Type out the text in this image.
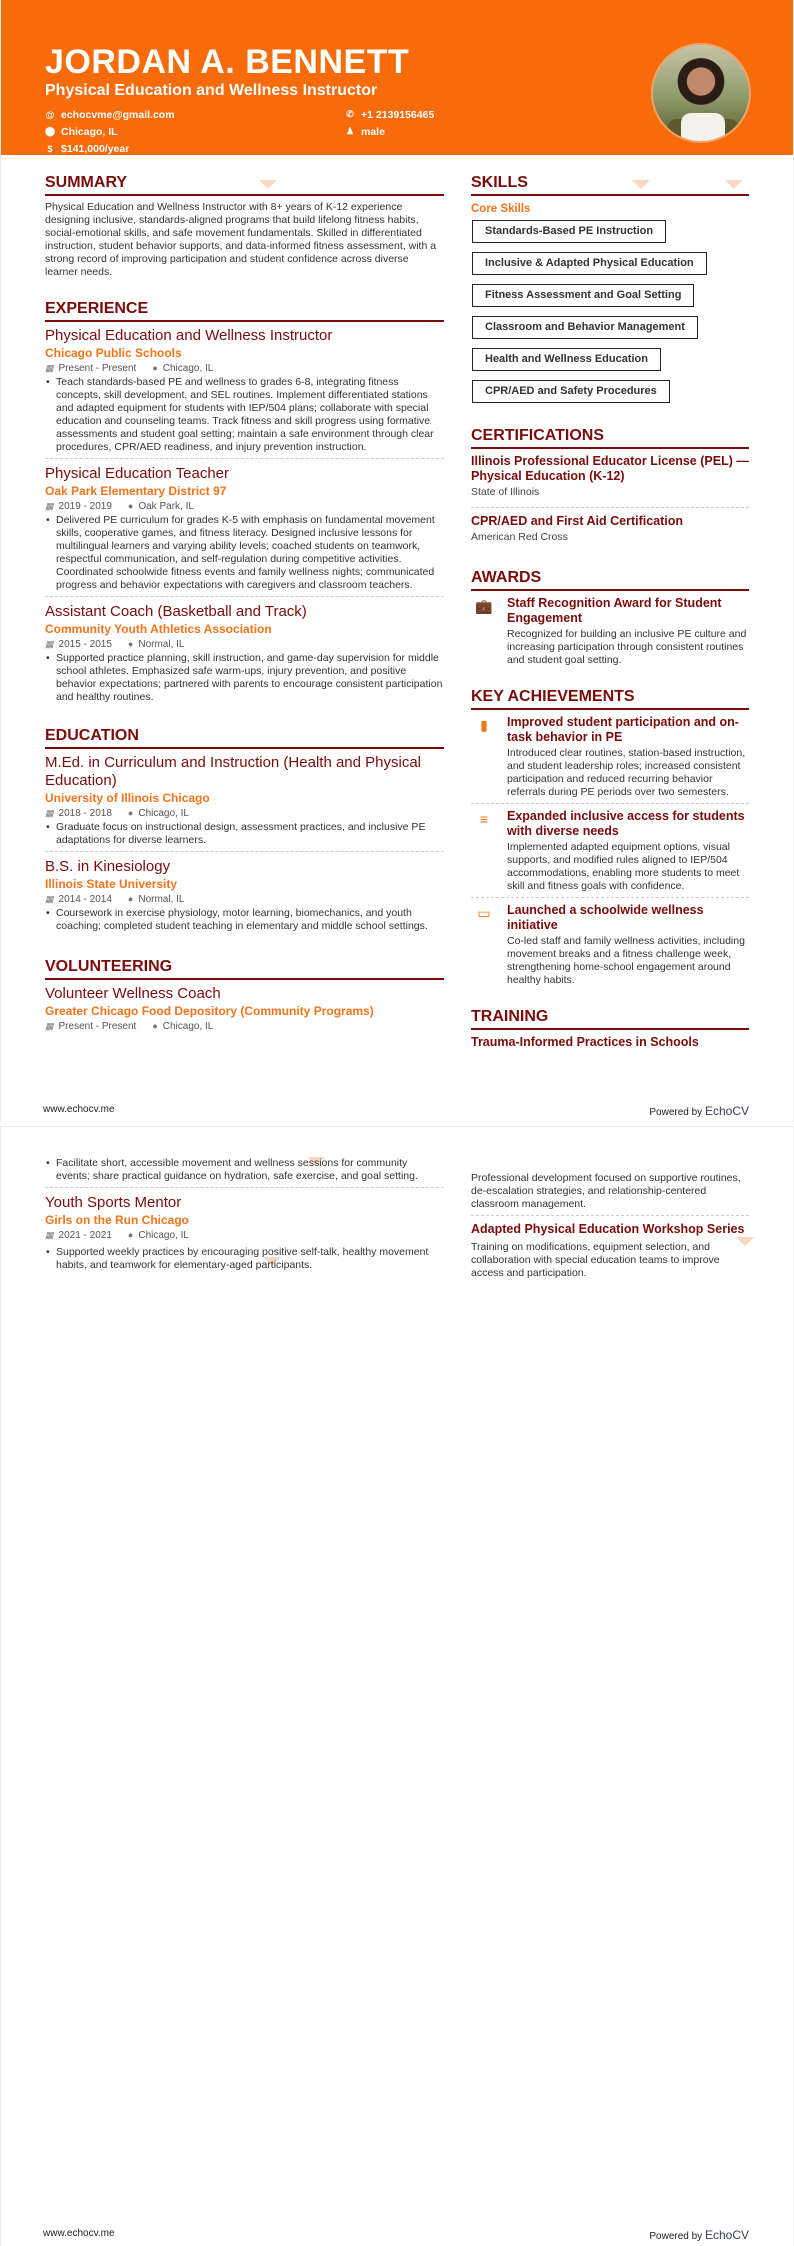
JORDAN A. BENNETT
Physical Education and Wellness Instructor
@ echocvme@gmail.com	✆ +1 2139156465
⬤ Chicago, IL	♟ male
$ $141,000/year
SUMMARY
Physical Education and Wellness Instructor with 8+ years of K-12 experience designing inclusive, standards-aligned programs that build lifelong fitness habits, social-emotional skills, and safe movement fundamentals. Skilled in differentiated instruction, student behavior supports, and data-informed fitness assessment, with a strong record of improving participation and student confidence across diverse learner needs.
EXPERIENCE
Physical Education and Wellness Instructor
Chicago Public Schools
▦ Present - Present ● Chicago, IL
• Teach standards-based PE and wellness to grades 6-8, integrating fitness concepts, skill development, and SEL routines. Implement differentiated stations and adapted equipment for students with IEP/504 plans; collaborate with special education and counseling teams. Track fitness and skill progress using formative assessments and student goal setting; maintain a safe environment through clear procedures, CPR/AED readiness, and injury prevention instruction.
Physical Education Teacher
Oak Park Elementary District 97
▦ 2019 - 2019 ● Oak Park, IL
• Delivered PE curriculum for grades K-5 with emphasis on fundamental movement skills, cooperative games, and fitness literacy. Designed inclusive lessons for multilingual learners and varying ability levels; coached students on teamwork, respectful communication, and self-regulation during competitive activities. Coordinated schoolwide fitness events and family wellness nights; communicated progress and behavior expectations with caregivers and classroom teachers.
Assistant Coach (Basketball and Track)
Community Youth Athletics Association
▦ 2015 - 2015 ● Normal, IL
• Supported practice planning, skill instruction, and game-day supervision for middle school athletes. Emphasized safe warm-ups, injury prevention, and positive behavior expectations; partnered with parents to encourage consistent participation and healthy routines.
EDUCATION
M.Ed. in Curriculum and Instruction (Health and Physical Education)
University of Illinois Chicago
▦ 2018 - 2018 ● Chicago, IL
• Graduate focus on instructional design, assessment practices, and inclusive PE adaptations for diverse learners.
B.S. in Kinesiology
Illinois State University
▦ 2014 - 2014 ● Normal, IL
• Coursework in exercise physiology, motor learning, biomechanics, and youth coaching; completed student teaching in elementary and middle school settings.
VOLUNTEERING
Volunteer Wellness Coach
Greater Chicago Food Depository (Community Programs)
▦ Present - Present ● Chicago, IL
SKILLS
Core Skills
Standards-Based PE Instruction
Inclusive & Adapted Physical Education
Fitness Assessment and Goal Setting
Classroom and Behavior Management
Health and Wellness Education
CPR/AED and Safety Procedures
CERTIFICATIONS
Illinois Professional Educator License (PEL) — Physical Education (K-12)
State of Illinois
CPR/AED and First Aid Certification
American Red Cross
AWARDS
💼	Staff Recognition Award for Student Engagement
Recognized for building an inclusive PE culture and increasing participation through consistent routines and student goal setting.
KEY ACHIEVEMENTS
▮	Improved student participation and on-task behavior in PE
Introduced clear routines, station-based instruction, and student leadership roles; increased consistent participation and reduced recurring behavior referrals during PE periods over two semesters.
≡	Expanded inclusive access for students with diverse needs
Implemented adapted equipment options, visual supports, and modified rules aligned to IEP/504 accommodations, enabling more students to meet skill and fitness goals with confidence.
▭	Launched a schoolwide wellness initiative
Co-led staff and family wellness activities, including movement breaks and a fitness challenge week, strengthening home-school engagement around healthy habits.
TRAINING
Trauma-Informed Practices in Schools
www.echocv.me	Powered by EchoCV
• Facilitate short, accessible movement and wellness sessions for community events; share practical guidance on hydration, safe exercise, and goal setting.
Youth Sports Mentor
Girls on the Run Chicago
▦ 2021 - 2021 ● Chicago, IL
• Supported weekly practices by encouraging positive self-talk, healthy movement habits, and teamwork for elementary-aged participants.
Professional development focused on supportive routines, de-escalation strategies, and relationship-centered classroom management.
Adapted Physical Education Workshop Series
Training on modifications, equipment selection, and collaboration with special education teams to improve access and participation.
www.echocv.me	Powered by EchoCV
